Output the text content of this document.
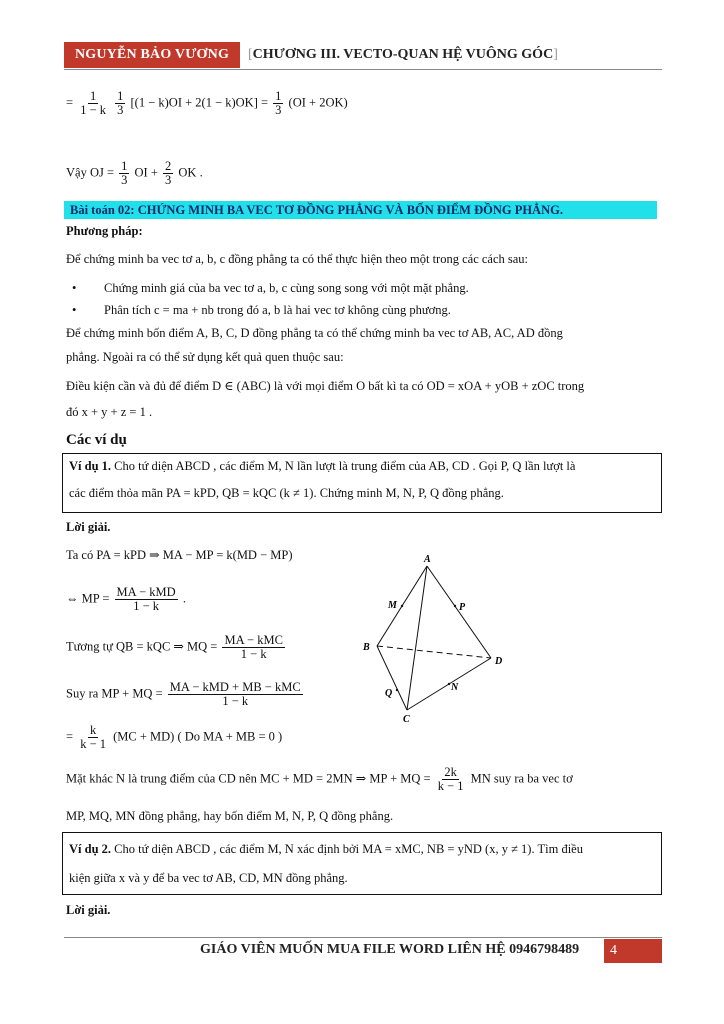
NGUYỄN BẢO VƯƠNG	[ CHƯƠNG III. VECTO-QUAN HỆ VUÔNG GÓC ]
= $\frac{1}{1 - k}$
$\frac{1}{3} [(1 - k)OI + 2(1 - k)OK] = \frac{1}{3} (OI + 2OK)$
Vậy OJ = $\frac{1}{3}$ OI + $\frac{2}{3}$ OK .
Bài toán 02: CHỨNG MINH BA VEC TƠ ĐỒNG PHẲNG VÀ BỐN ĐIỂM ĐỒNG PHẲNG.
Phương pháp:
Để chứng minh ba vec tơ a, b, c đồng phẳng ta có thể thực hiện theo một trong các cách sau:
• Chứng minh giá của ba vec tơ a, b, c cùng song song với một mặt phẳng.
• Phân tích c = ma + nb trong đó a, b là hai vec tơ không cùng phương.
Để chứng minh bốn điểm A, B, C, D đồng phẳng ta có thể chứng minh ba vec tơ AB, AC, AD đồng
phẳng. Ngoài ra có thể sử dụng kết quả quen thuộc sau:
Điều kiện cần và đủ để điểm D ∈ (ABC) là với mọi điểm O bất kì ta có OD = xOA + yOB + zOC trong
đó x + y + z = 1 .
Các ví dụ
Ví dụ 1. Cho tứ diện ABCD , các điểm M, N lần lượt là trung điểm của AB, CD . Gọi P, Q lần lượt là
các điểm thỏa mãn PA = kPD, QB = kQC (k ≠ 1). Chứng minh M, N, P, Q đồng phẳng.
Lời giải.
Ta có PA = kPD ⇒ MA − MP = k(MD − MP)
⇔ MP = $\frac{\text{MA − kMD}}{1 - k}$ .
Tương tự QB = kQC ⇒ MQ = $\frac{\text{MA − kMC}}{1 - k}$
Suy ra MP + MQ = $\frac{\text{MA − kMD + MB − kMC}}{1 - k}$
= $\frac{k}{k - 1} (MC + MD)$ ( Do MA + MB = 0 )
Mặt khác N là trung điểm của CD nên MC + MD = 2MN ⇒ MP + MQ = $\frac{2k}{k - 1}$ MN suy ra ba vec tơ
MP, MQ, MN đồng phẳng, hay bốn điểm M, N, P, Q đồng phẳng.
A
B
C
D
M
N
P
Q
Ví dụ 2. Cho tứ diện ABCD , các điểm M, N xác định bởi MA = xMC, NB = yND (x, y ≠ 1). Tìm điều
kiện giữa x và y để ba vec tơ AB, CD, MN đồng phẳng.
Lời giải.
GIÁO VIÊN MUỐN MUA FILE WORD LIÊN HỆ 0946798489	4
